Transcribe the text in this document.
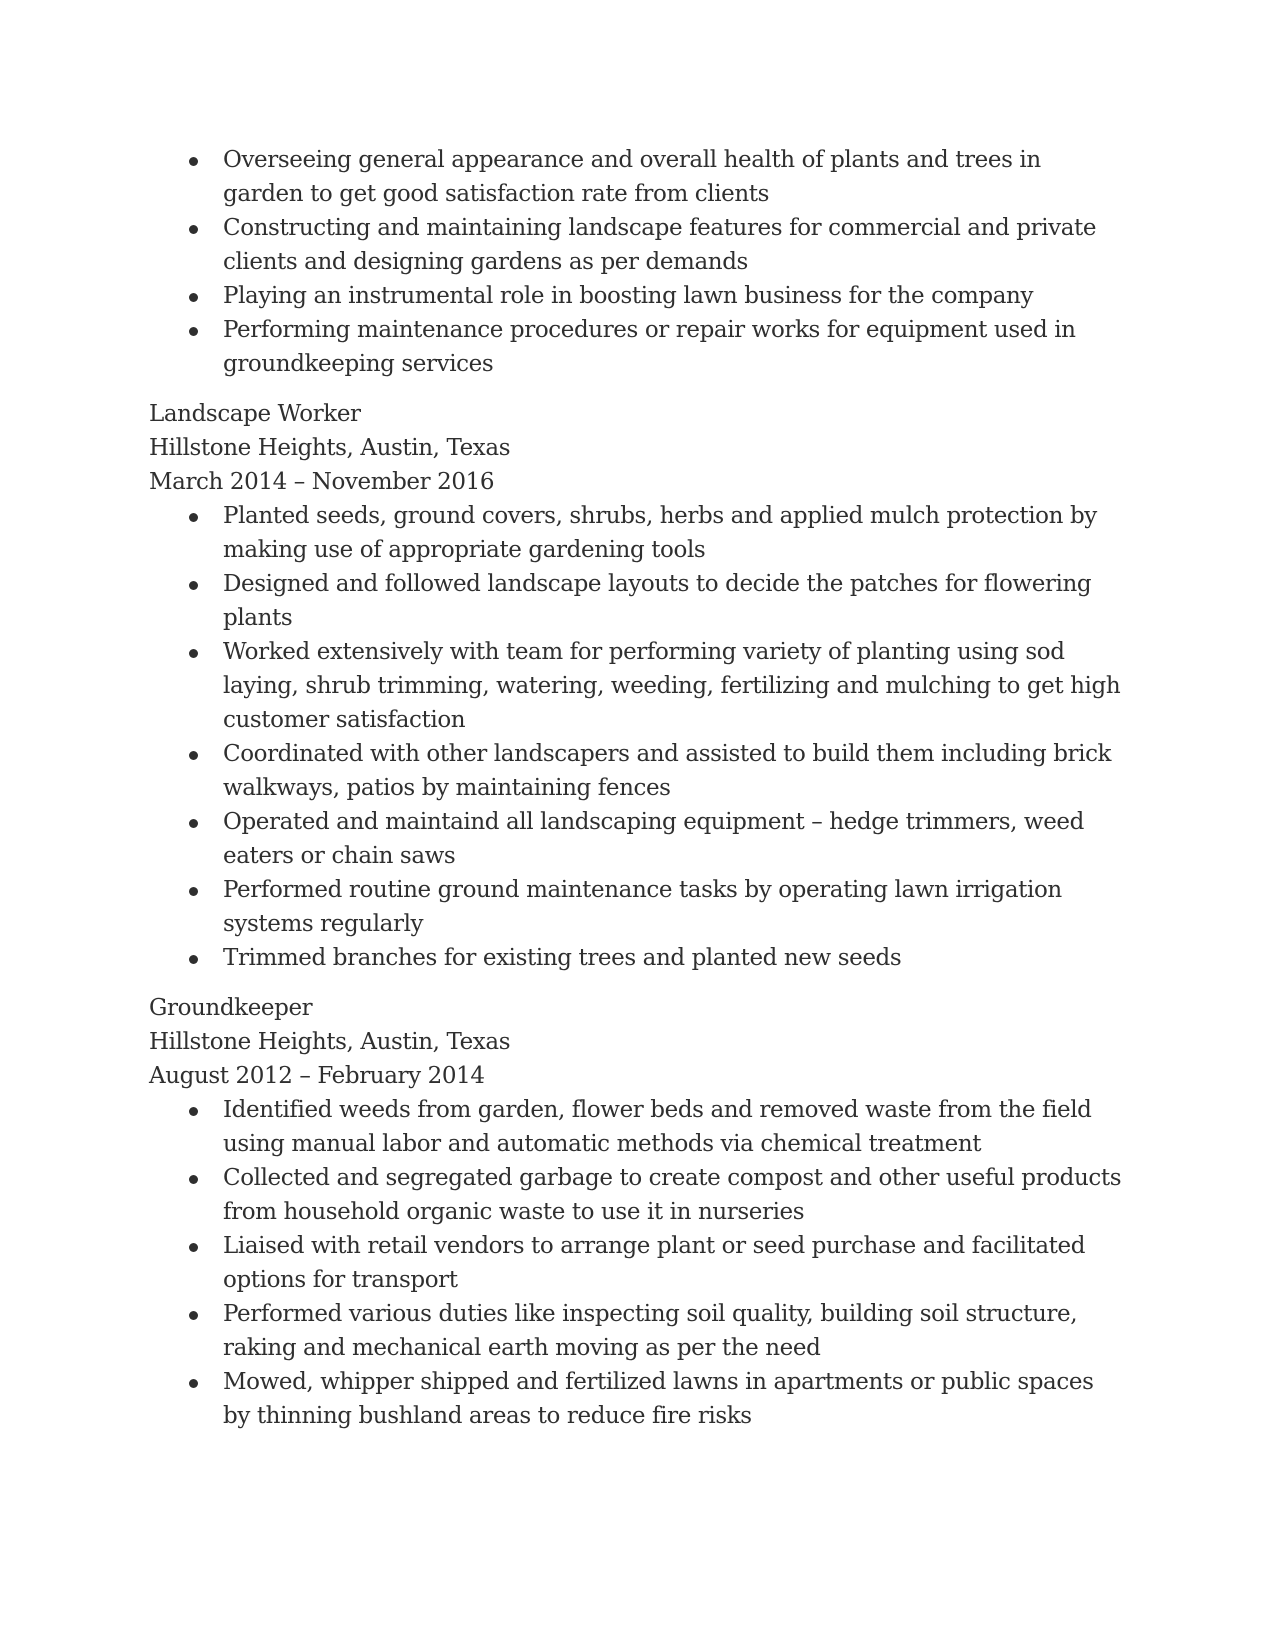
Overseeing general appearance and overall health of plants and trees in garden to get good satisfaction rate from clients
Constructing and maintaining landscape features for commercial and private clients and designing gardens as per demands
Playing an instrumental role in boosting lawn business for the company
Performing maintenance procedures or repair works for equipment used in groundkeeping services
Landscape Worker
Hillstone Heights, Austin, Texas
March 2014 – November 2016
Planted seeds, ground covers, shrubs, herbs and applied mulch protection by making use of appropriate gardening tools
Designed and followed landscape layouts to decide the patches for flowering plants
Worked extensively with team for performing variety of planting using sod laying, shrub trimming, watering, weeding, fertilizing and mulching to get high customer satisfaction
Coordinated with other landscapers and assisted to build them including brick walkways, patios by maintaining fences
Operated and maintaind all landscaping equipment – hedge trimmers, weed eaters or chain saws
Performed routine ground maintenance tasks by operating lawn irrigation systems regularly
Trimmed branches for existing trees and planted new seeds
Groundkeeper
Hillstone Heights, Austin, Texas
August 2012 – February 2014
Identified weeds from garden, flower beds and removed waste from the field using manual labor and automatic methods via chemical treatment
Collected and segregated garbage to create compost and other useful products from household organic waste to use it in nurseries
Liaised with retail vendors to arrange plant or seed purchase and facilitated options for transport
Performed various duties like inspecting soil quality, building soil structure, raking and mechanical earth moving as per the need
Mowed, whipper shipped and fertilized lawns in apartments or public spaces by thinning bushland areas to reduce fire risks
